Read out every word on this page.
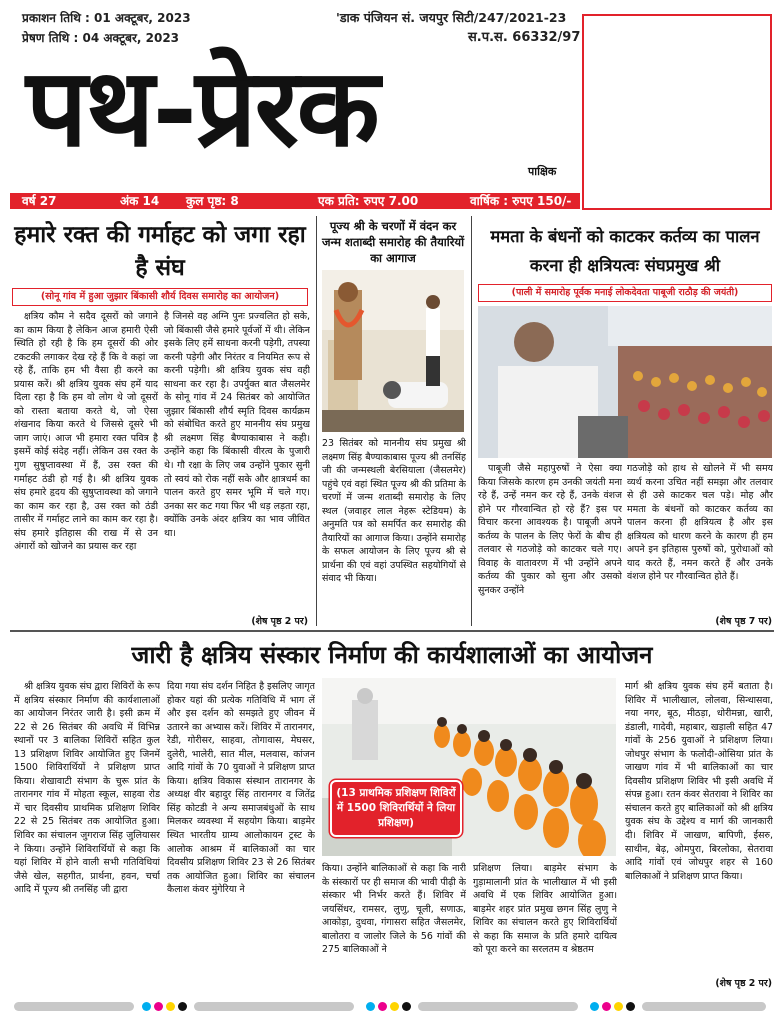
प्रकाशन तिथि : 01 अक्टूबर, 2023
प्रेषण तिथि : 04 अक्टूबर, 2023
'डाक पंजियन सं. जयपुर सिटी/247/2021-23
स.प.स. 66332/97
पथ-प्रेरक
पाक्षिक
वर्ष 27	अंक 14 कुल पृष्ठ: 8	एक प्रति: रुपए 7.00	वार्षिक : रुपए 150/-
हमारे रक्त की गर्माहट को जगा रहा है संघ
(सोनू गांव में हुआ जुझार बिंकासी शौर्य दिवस समारोह का आयोजन)

क्षत्रिय कौम ने सदैव दूसरों को जगाने का काम किया है लेकिन आज हमारी ऐसी स्थिति हो रही है कि हम दूसरों की ओर टकटकी लगाकर देख रहे हैं कि वे कहां जा रहे हैं, ताकि हम भी वैसा ही करने का प्रयास करें। श्री क्षत्रिय युवक संघ हमें याद दिला रहा है कि हम वो लोग थे जो दूसरों को रास्ता बताया करते थे, जो ऐसा शंखनाद किया करते थे जिससे दूसरे भी जाग जाएं। आज भी हमारा रक्त पवित्र है इसमें कोई संदेह नहीं। लेकिन उस रक्त के गुण सुषुप्तावस्था में हैं, उस रक्त की गर्माहट ठंडी हो गई है। श्री क्षत्रिय युवक संघ हमारे हृदय की सुषुप्तावस्था को जगाने का काम कर रहा है, उस रक्त को ठंडी तासीर में गर्माहट लाने का काम कर रहा है। संघ हमारे इतिहास की राख में से उन अंगारों को खोजने का प्रयास कर रहा

है जिनसे वह अग्नि पुनः प्रज्वलित हो सके, जो बिंकासी जैसे हमारे पूर्वजों में थी। लेकिन इसके लिए हमें साधना करनी पड़ेगी, तपस्या करनी पड़ेगी और निरंतर व नियमित रूप से करनी पड़ेगी। श्री क्षत्रिय युवक संघ वही साधना कर रहा है। उपर्युक्त बात जैसलमेर के सोनू गांव में 24 सितंबर को आयोजित जुझार बिंकासी शौर्य स्मृति दिवस कार्यक्रम को संबोधित करते हुए माननीय संघ प्रमुख श्री लक्ष्मण सिंह बैण्याकाबास ने कही। उन्होंने कहा कि बिंकासी वीरत्व के पुजारी थे। गौ रक्षा के लिए जब उन्होंने पुकार सुनी तो स्वयं को रोक नहीं सके और क्षात्रधर्म का पालन करते हुए समर भूमि में चले गए। उनका सर कट गया फिर भी धड़ लड़ता रहा, क्योंकि उनके अंदर क्षत्रिय का भाव जीवित था।

(शेष पृष्ठ 2 पर)
पूज्य श्री के चरणों में वंदन कर जन्म शताब्दी समारोह की तैयारियों का आगाज

23 सितंबर को माननीय संघ प्रमुख श्री लक्ष्मण सिंह बैण्याकाबास पूज्य श्री तनसिंह जी की जन्मस्थली बेरसियाला (जैसलमेर) पहुंचे एवं वहां स्थित पूज्य श्री की प्रतिमा के चरणों में जन्म शताब्दी समारोह के लिए स्थल (जवाहर लाल नेहरू स्टेडियम) के अनुमति पत्र को समर्पित कर समारोह की तैयारियों का आगाज किया। उन्होंने समारोह के सफल आयोजन के लिए पूज्य श्री से प्रार्थना की एवं वहां उपस्थित सहयोगियों से संवाद भी किया।

ममता के बंधनों को काटकर कर्तव्य का पालन करना ही क्षत्रियत्वः संघप्रमुख श्री
(पाली में समारोह पूर्वक मनाई लोकदेवता पाबूजी राठौड़ की जयंती)

पाबूजी जैसे महापुरुषों ने ऐसा क्या किया जिसके कारण हम उनकी जयंती मना रहे हैं, उन्हें नमन कर रहे हैं, उनके वंशज होने पर गौरवान्वित हो रहे हैं? इस पर विचार करना आवश्यक है। पाबूजी अपने कर्तव्य के पालन के लिए फेरों के बीच ही तलवार से गठजोड़े को काटकर चले गए। विवाह के वातावरण में भी उन्होंने अपने कर्तव्य की पुकार को सुना और उसको सुनकर उन्होंने

गठजोड़े को हाथ से खोलने में भी समय व्यर्थ करना उचित नहीं समझा और तलवार से ही उसे काटकर चल पड़े। मोह और ममता के बंधनों को काटकर कर्तव्य का पालन करना ही क्षत्रियत्व है और इस क्षत्रियत्व को धारण करने के कारण ही हम अपने इन इतिहास पुरुषों को, पुरोधाओं को याद करते हैं, नमन करते हैं और उनके वंशज होने पर गौरवान्वित होते हैं।

(शेष पृष्ठ 7 पर)
जारी है क्षत्रिय संस्कार निर्माण की कार्यशालाओं का आयोजन

श्री क्षत्रिय युवक संघ द्वारा शिविरों के रूप में क्षत्रिय संस्कार निर्माण की कार्यशालाओं का आयोजन निरंतर जारी है। इसी क्रम में 22 से 26 सितंबर की अवधि में विभिन्न स्थानों पर 3 बालिका शिविरों सहित कुल 13 प्रशिक्षण शिविर आयोजित हुए जिनमें 1500 शिविरार्थियों ने प्रशिक्षण प्राप्त किया। शेखावाटी संभाग के चुरू प्रांत के तारानगर गांव में मोहता स्कूल, साहवा रोड में चार दिवसीय प्राथमिक प्रशिक्षण शिविर 22 से 25 सितंबर तक आयोजित हुआ। शिविर का संचालन जुगराज सिंह जुलियासर ने किया। उन्होंने शिविरार्थियों से कहा कि यहां शिविर में होने वाली सभी गतिविधियां जैसे खेल, सहगीत, प्रार्थना, हवन, चर्चा आदि में पूज्य श्री तनसिंह जी द्वारा

दिया गया संघ दर्शन निहित है इसलिए जागृत होकर यहां की प्रत्येक गतिविधि में भाग लें और इस दर्शन को समझते हुए जीवन में उतारने का अभ्यास करें। शिविर में तारानगर, रेडी, गोरीसर, साहवा, तोगावास, मेघसर, दुलेरी, भालेरी, सात मील, मलवास, कांजन आदि गांवों के 70 युवाओं ने प्रशिक्षण प्राप्त किया। क्षत्रिय विकास संस्थान तारानगर के अध्यक्ष वीर बहादुर सिंह तारानगर व जितेंद्र सिंह कोटडी ने अन्य समाजबंधुओं के साथ मिलकर व्यवस्था में सहयोग किया। बाड़मेर स्थित भारतीय ग्राम्य आलोकायन ट्रस्ट के आलोक आश्रम में बालिकाओं का चार दिवसीय प्रशिक्षण शिविर 23 से 26 सितंबर तक आयोजित हुआ। शिविर का संचालन कैलाश कंवर मुंगेरिया ने

(13 प्राथमिक प्रशिक्षण शिविरों में 1500 शिविरार्थियों ने लिया प्रशिक्षण)

किया। उन्होंने बालिकाओं से कहा कि नारी के संस्कारों पर ही समाज की भावी पीढ़ी के संस्कार भी निर्भर करते हैं। शिविर में जयसिंधर, रामसर, लुणु, चूली, सणाऊ, आकोड़ा, दुधवा, गंगासरा सहित जैसलमेर, बालोतरा व जालोर जिले के 56 गांवों की 275 बालिकाओं ने

प्रशिक्षण लिया। बाड़मेर संभाग के गुड़ामालानी प्रांत के भालीखाल में भी इसी अवधि में एक शिविर आयोजित हुआ। बाड़मेर शहर प्रांत प्रमुख छगन सिंह लुणु ने शिविर का संचालन करते हुए शिविरार्थियों से कहा कि समाज के प्रति हमारे दायित्व को पूरा करने का सरलतम व श्रेष्ठतम

मार्ग श्री क्षत्रिय युवक संघ हमें बताता है। शिविर में भालीखाल, लोलवा, सिन्धासवा, नया नगर, बूठ, मीठड़ा, धोरीमन्ना, खारी, डंडाली, गादेवी, महाबार, खड़ाली सहित 47 गांवों के 256 युवाओं ने प्रशिक्षण लिया। जोधपुर संभाग के फलोदी-ओसिया प्रांत के जाखण गांव में भी बालिकाओं का चार दिवसीय प्रशिक्षण शिविर भी इसी अवधि में संपन्न हुआ। रतन कंवर सेतरावा ने शिविर का संचालन करते हुए बालिकाओं को श्री क्षत्रिय युवक संघ के उद्देश्य व मार्ग की जानकारी दी। शिविर में जाखण, बापिणी, ईसरु, साथीन, बेढ़, ओमपुरा, बिरलोका, सेतरावा आदि गांवों एवं जोधपुर शहर से 160 बालिकाओं ने प्रशिक्षण प्राप्त किया।

(शेष पृष्ठ 2 पर)
